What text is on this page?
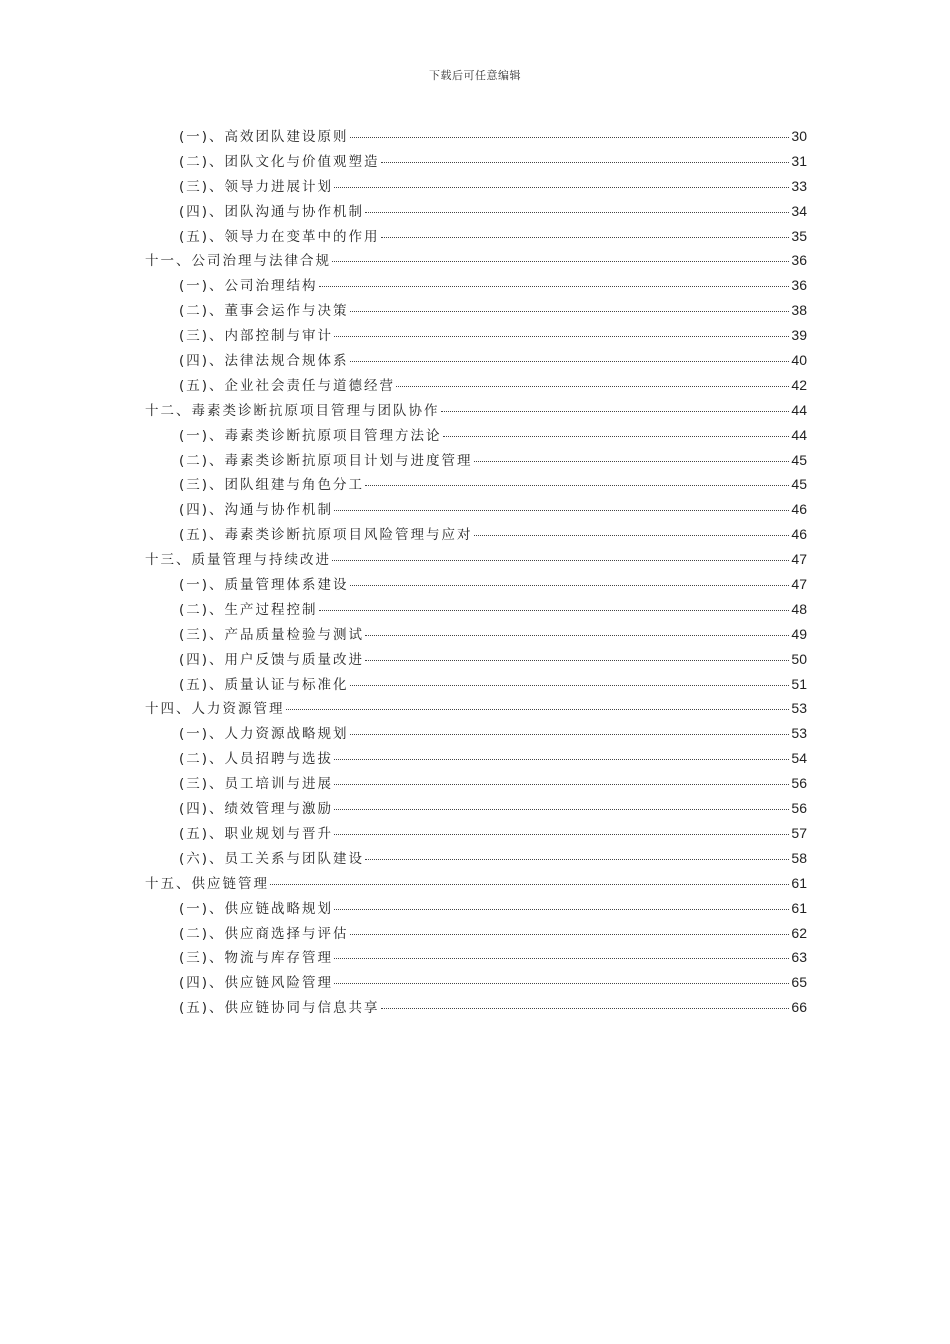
下载后可任意编辑
(一)、高效团队建设原则	30
(二)、团队文化与价值观塑造	31
(三)、领导力进展计划	33
(四)、团队沟通与协作机制	34
(五)、领导力在变革中的作用	35
十一、公司治理与法律合规	36
(一)、公司治理结构	36
(二)、董事会运作与决策	38
(三)、内部控制与审计	39
(四)、法律法规合规体系	40
(五)、企业社会责任与道德经营	42
十二、毒素类诊断抗原项目管理与团队协作	44
(一)、毒素类诊断抗原项目管理方法论	44
(二)、毒素类诊断抗原项目计划与进度管理	45
(三)、团队组建与角色分工	45
(四)、沟通与协作机制	46
(五)、毒素类诊断抗原项目风险管理与应对	46
十三、质量管理与持续改进	47
(一)、质量管理体系建设	47
(二)、生产过程控制	48
(三)、产品质量检验与测试	49
(四)、用户反馈与质量改进	50
(五)、质量认证与标准化	51
十四、人力资源管理	53
(一)、人力资源战略规划	53
(二)、人员招聘与选拔	54
(三)、员工培训与进展	56
(四)、绩效管理与激励	56
(五)、职业规划与晋升	57
(六)、员工关系与团队建设	58
十五、供应链管理	61
(一)、供应链战略规划	61
(二)、供应商选择与评估	62
(三)、物流与库存管理	63
(四)、供应链风险管理	65
(五)、供应链协同与信息共享	66
